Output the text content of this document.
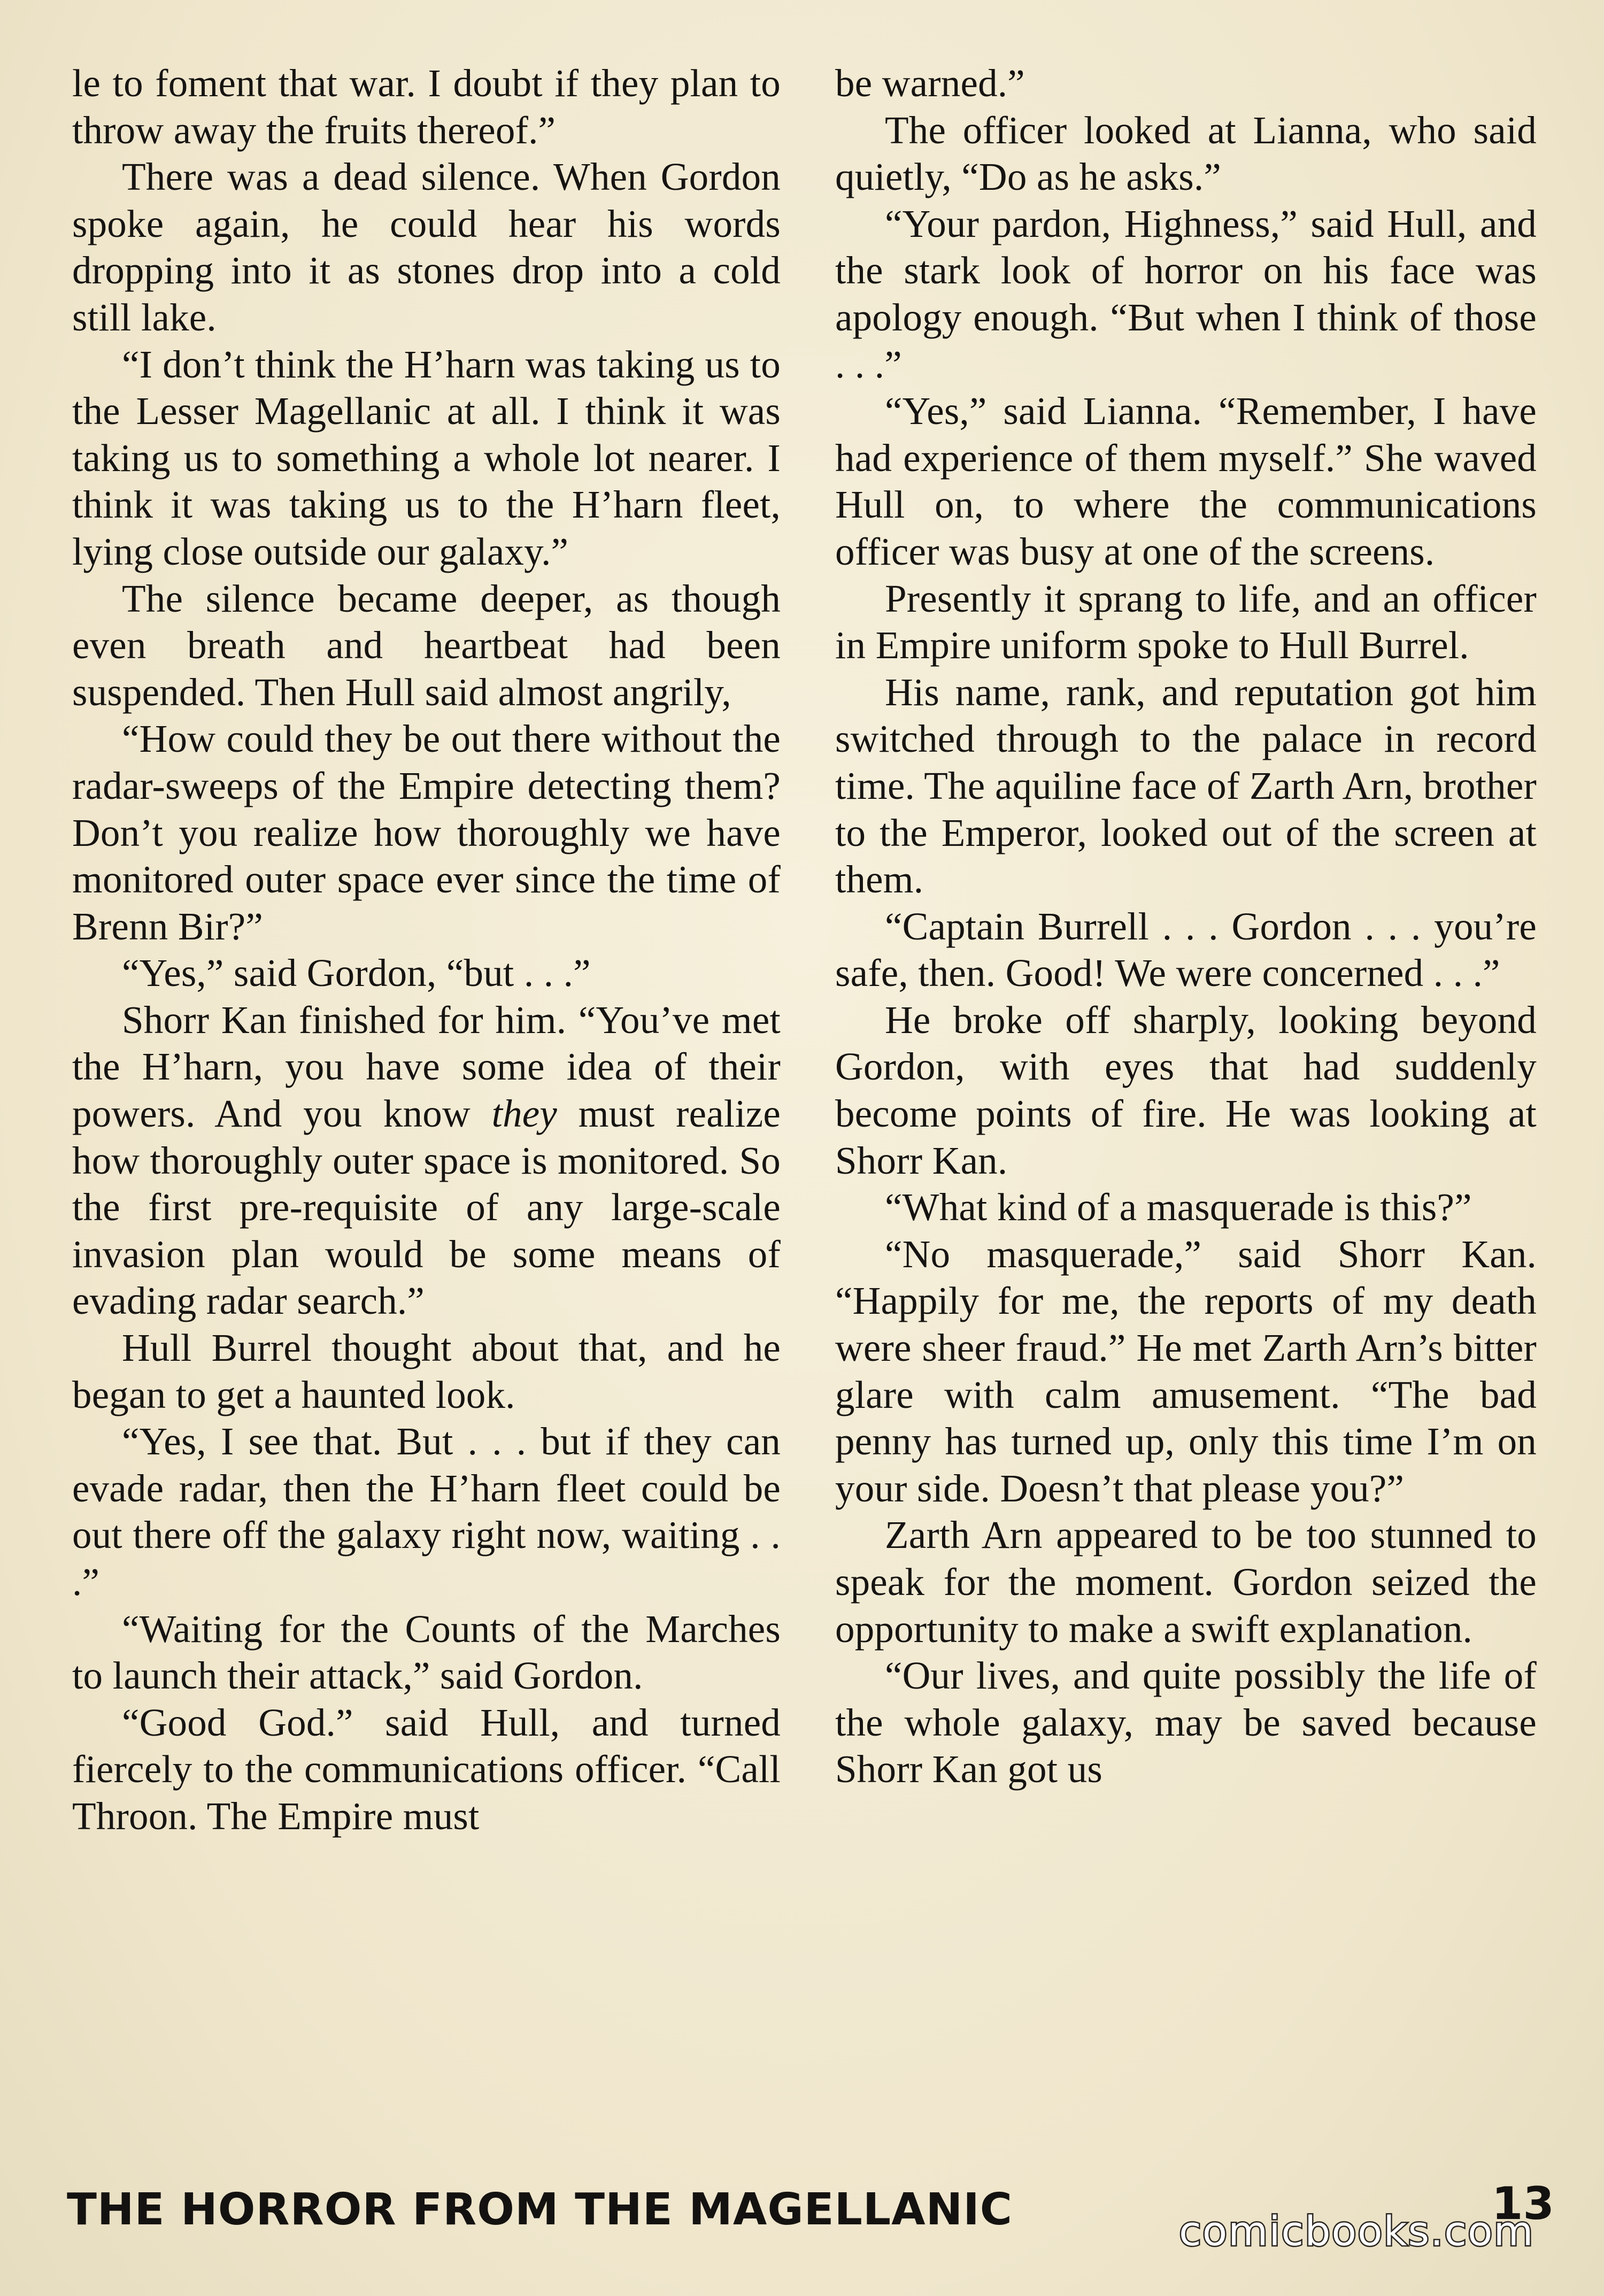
le to foment that war. I doubt if they plan to throw away the fruits thereof.”

There was a dead silence. When Gordon spoke again, he could hear his words dropping into it as stones drop into a cold still lake.

“I don’t think the H’harn was taking us to the Lesser Magellanic at all. I think it was taking us to something a whole lot nearer. I think it was taking us to the H’harn fleet, lying close outside our galaxy.”

The silence became deeper, as though even breath and heartbeat had been suspended. Then Hull said almost angrily,

“How could they be out there without the radar-sweeps of the Empire detecting them? Don’t you realize how thoroughly we have monitored outer space ever since the time of Brenn Bir?”

“Yes,” said Gordon, “but . . .”

Shorr Kan finished for him. “You’ve met the H’harn, you have some idea of their powers. And you know they must realize how thoroughly outer space is monitored. So the first pre-requisite of any large-scale invasion plan would be some means of evading radar search.”

Hull Burrel thought about that, and he began to get a haunted look.

“Yes, I see that. But . . . but if they can evade radar, then the H’harn fleet could be out there off the galaxy right now, waiting . . .”

“Waiting for the Counts of the Marches to launch their attack,” said Gordon.

“Good God.” said Hull, and turned fiercely to the communications officer. “Call Throon. The Empire must

be warned.”

The officer looked at Lianna, who said quietly, “Do as he asks.”

“Your pardon, Highness,” said Hull, and the stark look of horror on his face was apology enough. “But when I think of those . . .”

“Yes,” said Lianna. “Remember, I have had experience of them myself.” She waved Hull on, to where the communications officer was busy at one of the screens.

Presently it sprang to life, and an officer in Empire uniform spoke to Hull Burrel.

His name, rank, and reputation got him switched through to the palace in record time. The aquiline face of Zarth Arn, brother to the Emperor, looked out of the screen at them.

“Captain Burrell . . . Gordon . . . you’re safe, then. Good! We were concerned . . .”

He broke off sharply, looking beyond Gordon, with eyes that had suddenly become points of fire. He was looking at Shorr Kan.

“What kind of a masquerade is this?”

“No masquerade,” said Shorr Kan. “Happily for me, the reports of my death were sheer fraud.” He met Zarth Arn’s bitter glare with calm amusement. “The bad penny has turned up, only this time I’m on your side. Doesn’t that please you?”

Zarth Arn appeared to be too stunned to speak for the moment. Gordon seized the opportunity to make a swift explanation.

“Our lives, and quite possibly the life of the whole galaxy, may be saved because Shorr Kan got us

THE HORROR FROM THE MAGELLANIC	13
comicbooks.com
